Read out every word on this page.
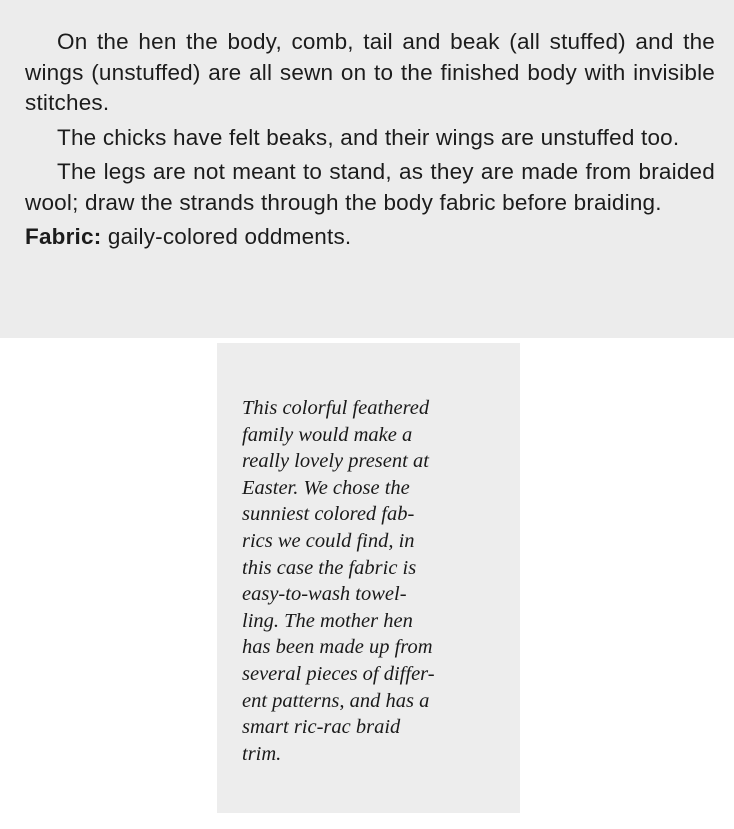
On the hen the body, comb, tail and beak (all stuffed) and the wings (unstuffed) are all sewn on to the finished body with invisible stitches.

The chicks have felt beaks, and their wings are unstuffed too.

The legs are not meant to stand, as they are made from braided wool; draw the strands through the body fabric before braiding.

Fabric: gaily-colored oddments.

This colorful feathered
family would make a
really lovely present at
Easter. We chose the
sunniest colored fab-
rics we could find, in
this case the fabric is
easy-to-wash towel-
ling. The mother hen
has been made up from
several pieces of differ-
ent patterns, and has a
smart ric-rac braid
trim.
